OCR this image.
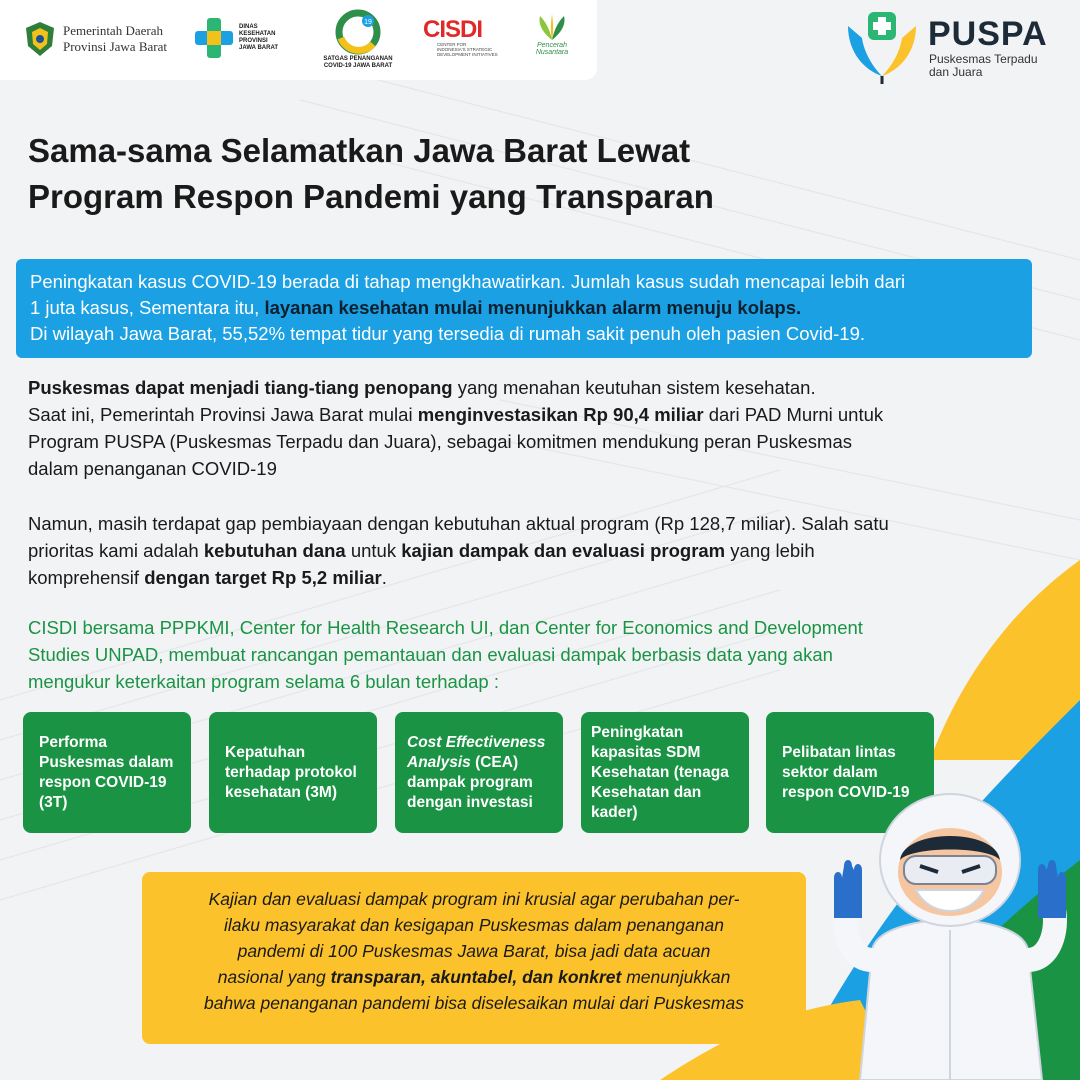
Pemerintah Daerah
Provinsi Jawa Barat
DINAS
KESEHATAN
PROVINSI
JAWA BARAT
19
SATGAS PENANGANAN
COVID-19 JAWA BARAT
CISDI
CENTER FOR
INDONESIA'S STRATEGIC
DEVELOPMENT INITIATIVES
Pencerah
Nusantara	PUSPA
Puskesmas Terpadu
dan Juara
Sama-sama Selamatkan Jawa Barat Lewat
Program Respon Pandemi yang Transparan
Peningkatan kasus COVID-19 berada di tahap mengkhawatirkan. Jumlah kasus sudah mencapai lebih dari
1 juta kasus, Sementara itu, layanan kesehatan mulai menunjukkan alarm menuju kolaps.
Di wilayah Jawa Barat, 55,52% tempat tidur yang tersedia di rumah sakit penuh oleh pasien Covid-19.
Puskesmas dapat menjadi tiang-tiang penopang yang menahan keutuhan sistem kesehatan.
Saat ini, Pemerintah Provinsi Jawa Barat mulai menginvestasikan Rp 90,4 miliar dari PAD Murni untuk
Program PUSPA (Puskesmas Terpadu dan Juara), sebagai komitmen mendukung peran Puskesmas
dalam penanganan COVID-19
Namun, masih terdapat gap pembiayaan dengan kebutuhan aktual program (Rp 128,7 miliar). Salah satu
prioritas kami adalah kebutuhan dana untuk kajian dampak dan evaluasi program yang lebih
komprehensif dengan target Rp 5,2 miliar.
CISDI bersama PPPKMI, Center for Health Research UI, dan Center for Economics and Development
Studies UNPAD, membuat rancangan pemantauan dan evaluasi dampak berbasis data yang akan
mengukur keterkaitan program selama 6 bulan terhadap :
Performa
Puskesmas dalam
respon COVID-19
(3T)
Kepatuhan
terhadap protokol
kesehatan (3M)
Cost Effectiveness
Analysis (CEA)
dampak program
dengan investasi
Peningkatan
kapasitas SDM
Kesehatan (tenaga
Kesehatan dan
kader)
Pelibatan lintas
sektor dalam
respon COVID-19
Kajian dan evaluasi dampak program ini krusial agar perubahan per-
ilaku masyarakat dan kesigapan Puskesmas dalam penanganan
pandemi di 100 Puskesmas Jawa Barat, bisa jadi data acuan
nasional yang transparan, akuntabel, dan konkret menunjukkan
bahwa penanganan pandemi bisa diselesaikan mulai dari Puskesmas
